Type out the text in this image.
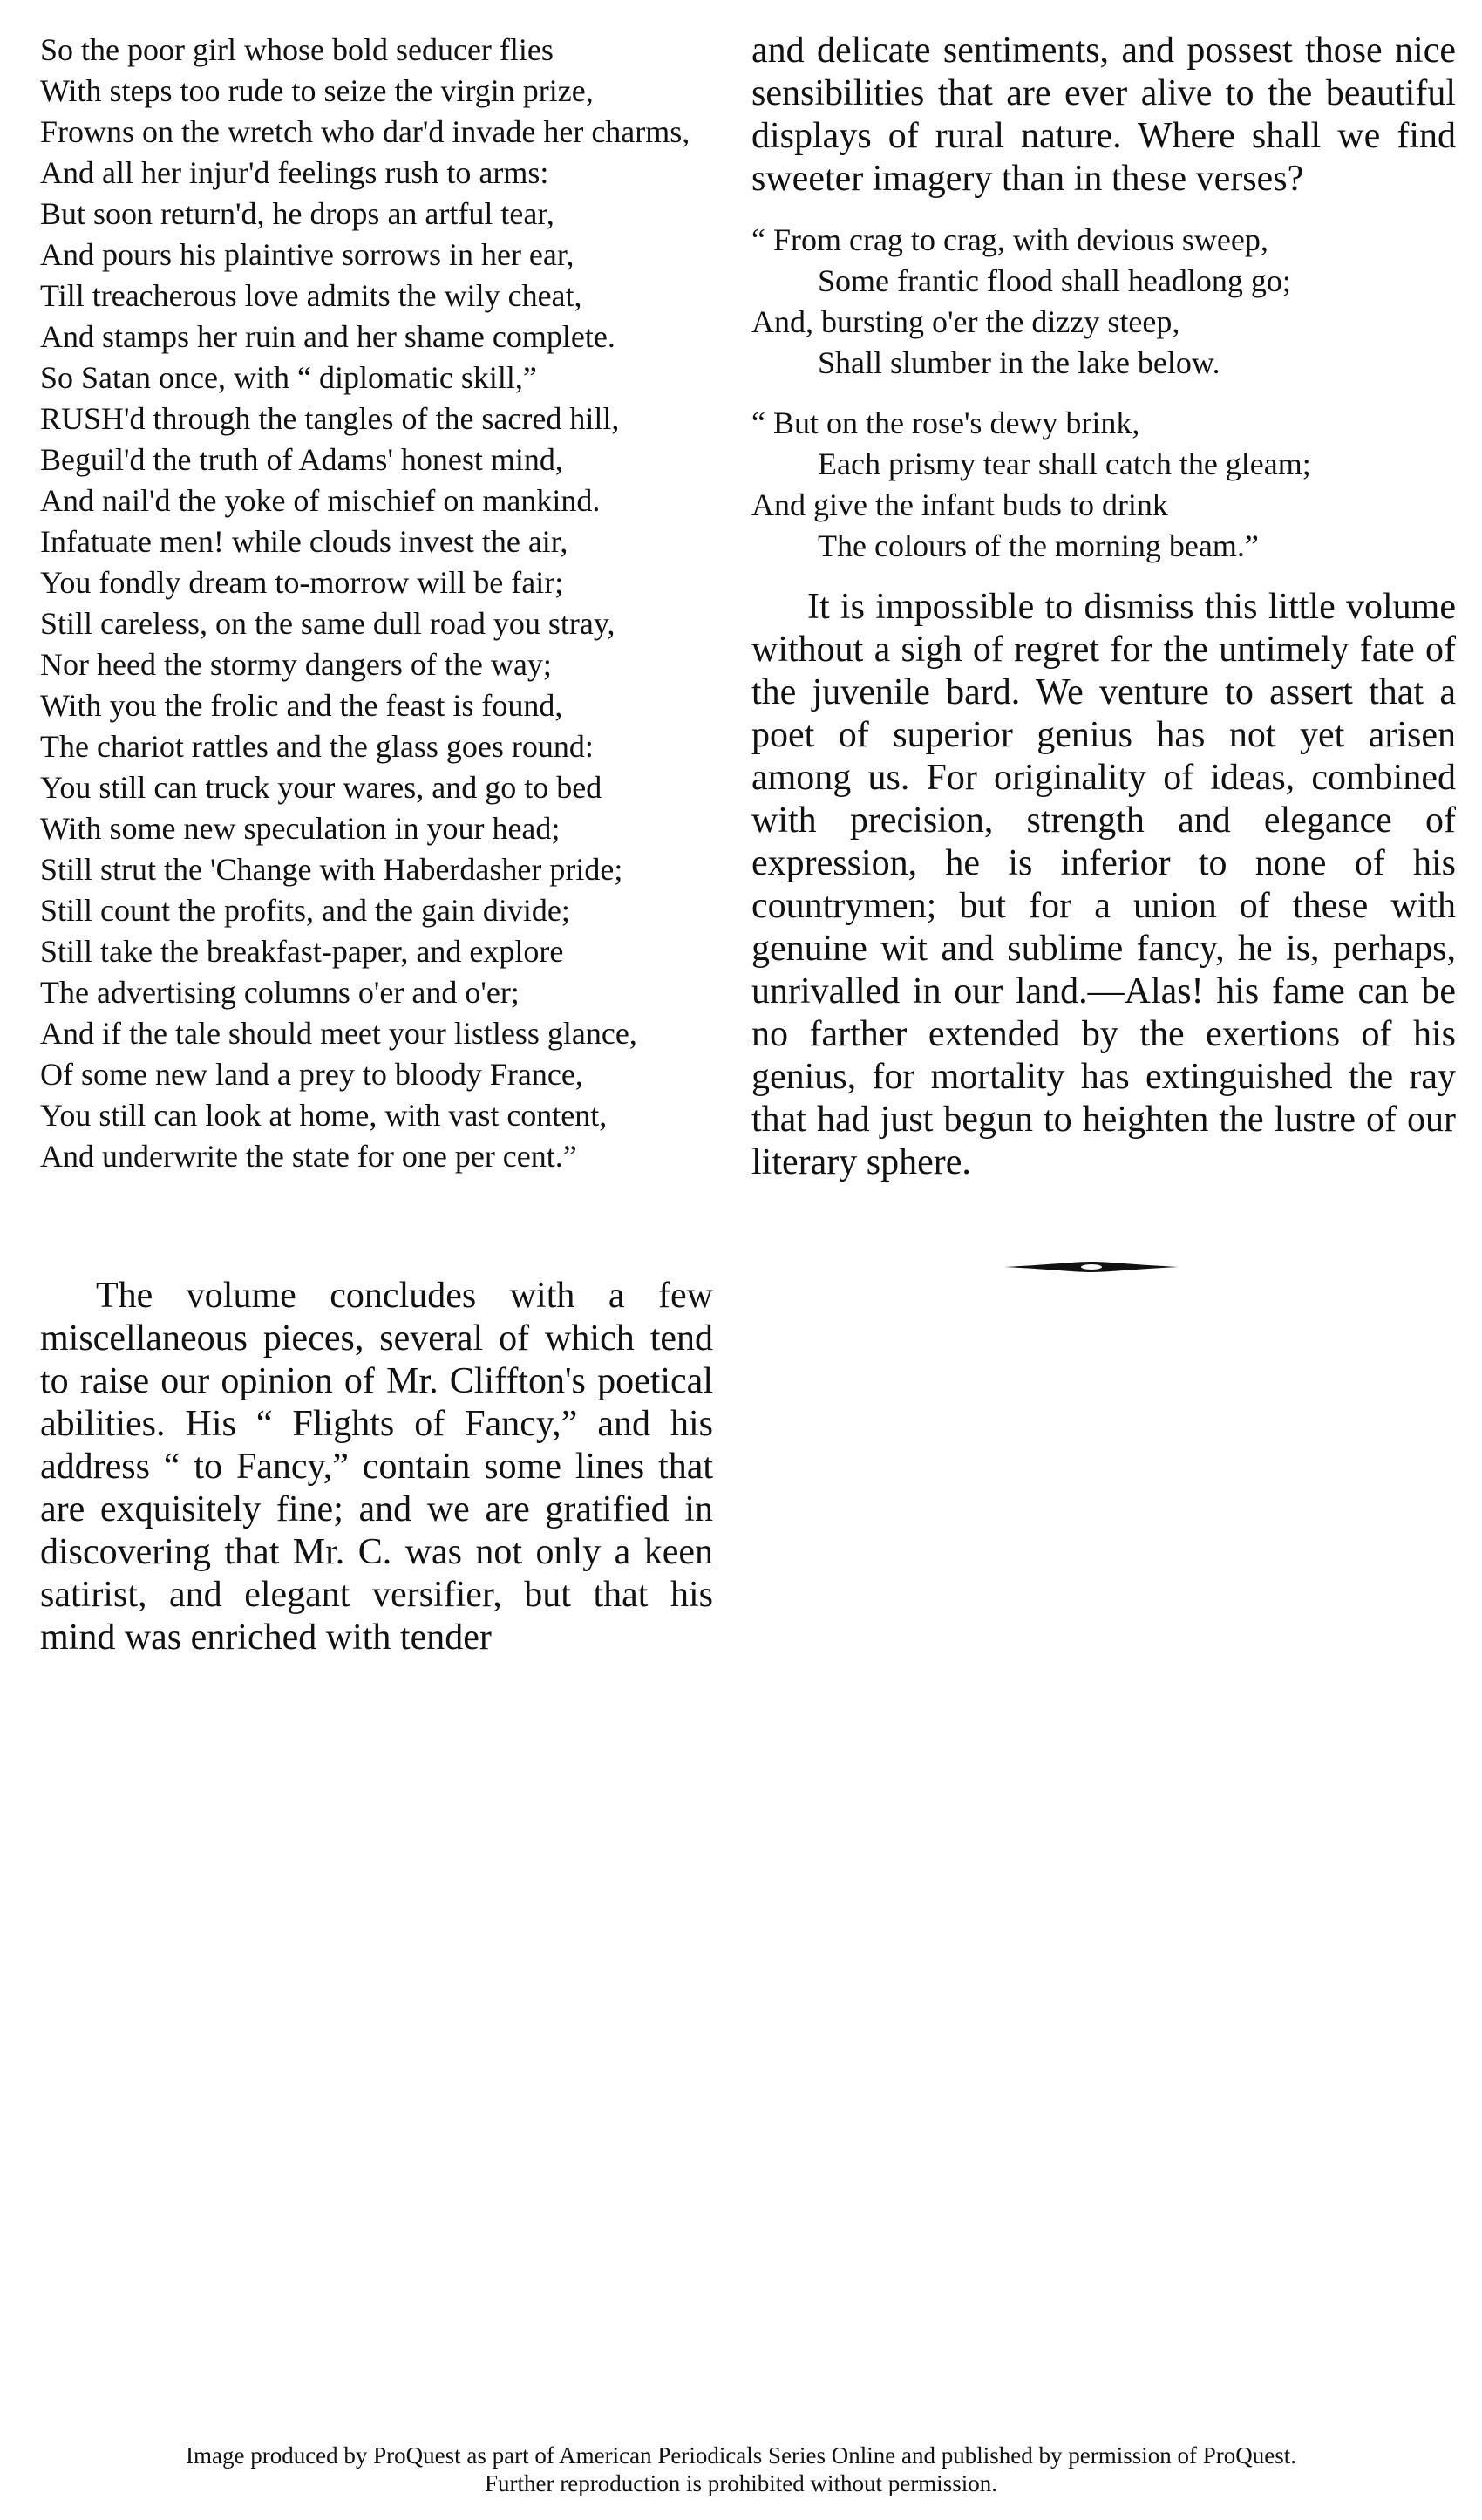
So the poor girl whose bold seducer flies
With steps too rude to seize the virgin prize,
Frowns on the wretch who dar'd invade her charms,
And all her injur'd feelings rush to arms:
But soon return'd, he drops an artful tear,
And pours his plaintive sorrows in her ear,
Till treacherous love admits the wily cheat,
And stamps her ruin and her shame complete.
So Satan once, with “ diplomatic skill,”
RUSH'd through the tangles of the sacred hill,
Beguil'd the truth of Adams' honest mind,
And nail'd the yoke of mischief on mankind.
Infatuate men! while clouds invest the air,
You fondly dream to-morrow will be fair;
Still careless, on the same dull road you stray,
Nor heed the stormy dangers of the way;
With you the frolic and the feast is found,
The chariot rattles and the glass goes round:
You still can truck your wares, and go to bed
With some new speculation in your head;
Still strut the 'Change with Haberdasher pride;
Still count the profits, and the gain divide;
Still take the breakfast-paper, and explore
The advertising columns o'er and o'er;
And if the tale should meet your listless glance,
Of some new land a prey to bloody France,
You still can look at home, with vast content,
And underwrite the state for one per cent.”

The volume concludes with a few miscellaneous pieces, several of which tend to raise our opinion of Mr. Cliffton's poetical abilities. His “ Flights of Fancy,” and his address “ to Fancy,” contain some lines that are exquisitely fine; and we are gratified in discovering that Mr. C. was not only a keen satirist, and elegant versifier, but that his mind was enriched with tender

and delicate sentiments, and possest those nice sensibilities that are ever alive to the beautiful displays of rural nature. Where shall we find sweeter imagery than in these verses?

“ From crag to crag, with devious sweep,
Some frantic flood shall headlong go;
And, bursting o'er the dizzy steep,
Shall slumber in the lake below.
“ But on the rose's dewy brink,
Each prismy tear shall catch the gleam;
And give the infant buds to drink
The colours of the morning beam.”

It is impossible to dismiss this little volume without a sigh of regret for the untimely fate of the juvenile bard. We venture to assert that a poet of superior genius has not yet arisen among us. For originality of ideas, combined with precision, strength and elegance of expression, he is inferior to none of his countrymen; but for a union of these with genuine wit and sublime fancy, he is, perhaps, unrivalled in our land.—Alas! his fame can be no farther extended by the exertions of his genius, for mortality has extinguished the ray that had just begun to heighten the lustre of our literary sphere.

Image produced by ProQuest as part of American Periodicals Series Online and published by permission of ProQuest.
Further reproduction is prohibited without permission.
